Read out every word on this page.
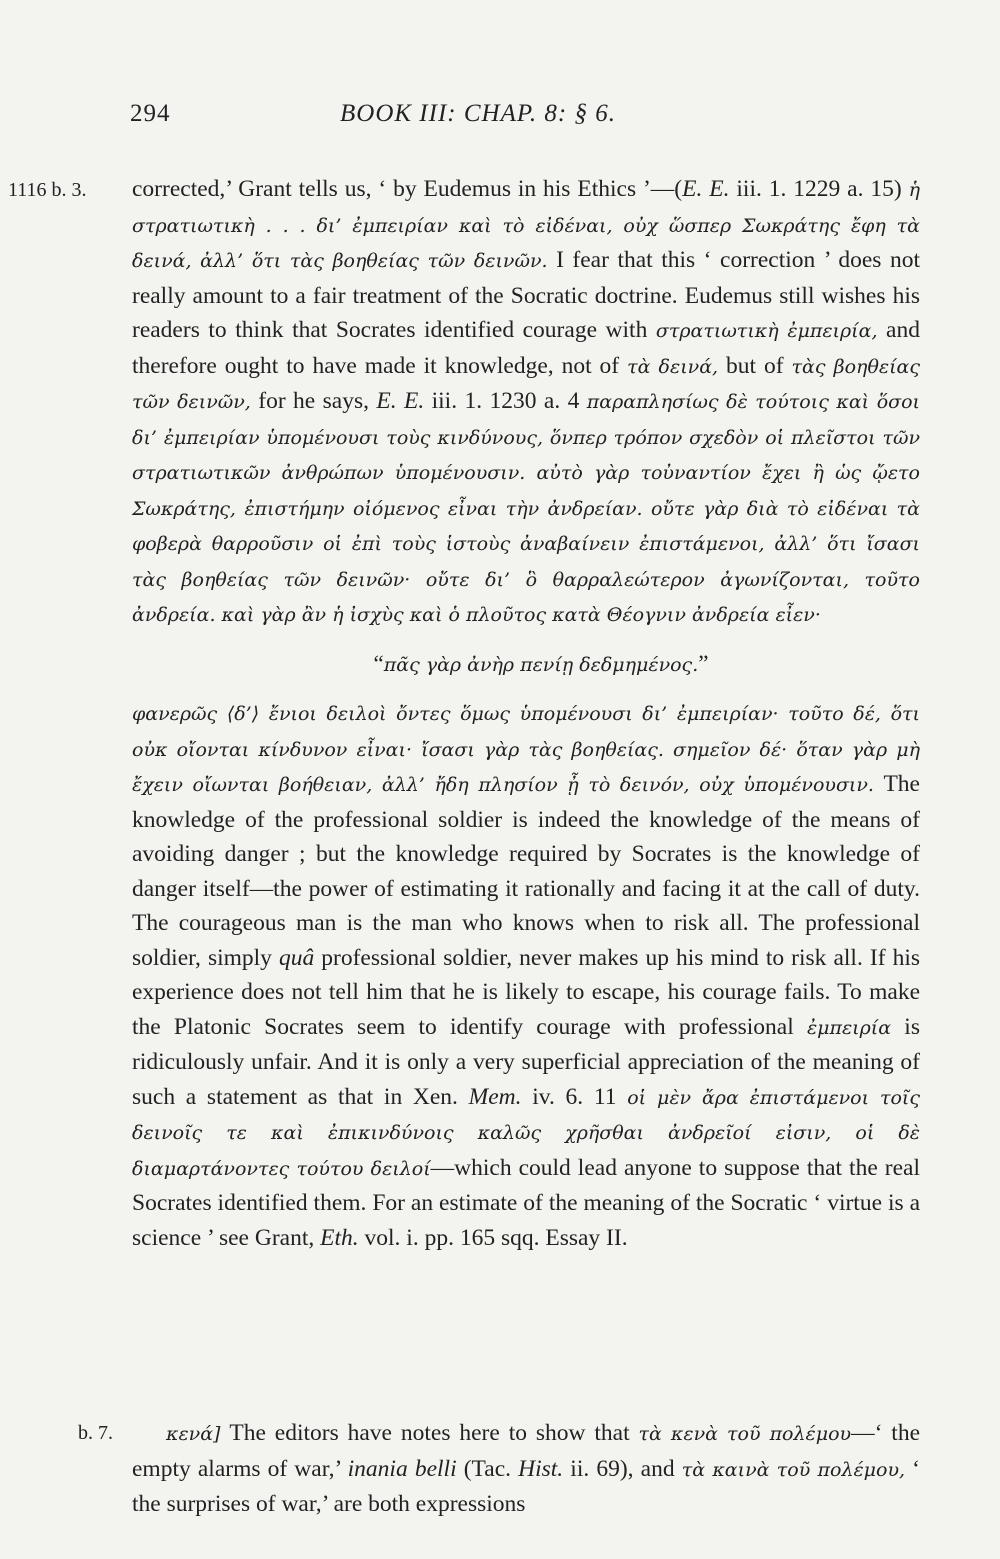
294	BOOK III: CHAP. 8: § 6.
1116 b. 3. corrected,’ Grant tells us, ‘ by Eudemus in his Ethics ’—(E. E. iii. 1. 1229 a. 15) ἡ στρατιωτικὴ . . . δι’ ἐμπειρίαν καὶ τὸ εἰδέναι, οὐχ ὥσπερ Σωκράτης ἔφη τὰ δεινά, ἀλλ’ ὅτι τὰς βοηθείας τῶν δεινῶν. I fear that this ‘ correction ’ does not really amount to a fair treatment of the Socratic doctrine. Eudemus still wishes his readers to think that Socrates identified courage with στρατιωτικὴ ἐμπειρία, and therefore ought to have made it knowledge, not of τὰ δεινά, but of τὰς βοηθείας τῶν δεινῶν, for he says, E. E. iii. 1. 1230 a. 4 παραπλησίως δὲ τούτοις καὶ ὅσοι δι’ ἐμπειρίαν ὑπομένουσι τοὺς κινδύνους, ὅνπερ τρόπον σχεδὸν οἱ πλεῖστοι τῶν στρατιωτικῶν ἀνθρώπων ὑπομένουσιν. αὐτὸ γὰρ τοὐναντίον ἔχει ἢ ὡς ᾤετο Σωκράτης, ἐπιστήμην οἰόμενος εἶναι τὴν ἀνδρείαν. οὔτε γὰρ διὰ τὸ εἰδέναι τὰ φοβερὰ θαρροῦσιν οἱ ἐπὶ τοὺς ἱστοὺς ἀναβαίνειν ἐπιστάμενοι, ἀλλ’ ὅτι ἴσασι τὰς βοηθείας τῶν δεινῶν· οὔτε δι’ ὃ θαρραλεώτερον ἀγωνίζονται, τοῦτο ἀνδρεία. καὶ γὰρ ἂν ἡ ἰσχὺς καὶ ὁ πλοῦτος κατὰ Θέογνιν ἀνδρεία εἶεν·

“πᾶς γὰρ ἀνὴρ πενίῃ δεδμημένος.”

φανερῶς ⟨δ’⟩ ἔνιοι δειλοὶ ὄντες ὅμως ὑπομένουσι δι’ ἐμπειρίαν· τοῦτο δέ, ὅτι οὐκ οἴονται κίνδυνον εἶναι· ἴσασι γὰρ τὰς βοηθείας. σημεῖον δέ· ὅταν γὰρ μὴ ἔχειν οἴωνται βοήθειαν, ἀλλ’ ἤδη πλησίον ᾖ τὸ δεινόν, οὐχ ὑπομένουσιν. The knowledge of the professional soldier is indeed the knowledge of the means of avoiding danger ; but the knowledge required by Socrates is the knowledge of danger itself—the power of estimating it rationally and facing it at the call of duty. The courageous man is the man who knows when to risk all. The professional soldier, simply quâ professional soldier, never makes up his mind to risk all. If his experience does not tell him that he is likely to escape, his courage fails. To make the Platonic Socrates seem to identify courage with professional ἐμπειρία is ridiculously unfair. And it is only a very superficial appreciation of the meaning of such a statement as that in Xen. Mem. iv. 6. 11 οἱ μὲν ἄρα ἐπιστάμενοι τοῖς δεινοῖς τε καὶ ἐπικινδύνοις καλῶς χρῆσθαι ἀνδρεῖοί εἰσιν, οἱ δὲ διαμαρτάνοντες τούτου δειλοί—which could lead anyone to suppose that the real Socrates identified them. For an estimate of the meaning of the Socratic ‘ virtue is a science ’ see Grant, Eth. vol. i. pp. 165 sqq. Essay II.

b. 7.	κενά] The editors have notes here to show that τὰ κενὰ τοῦ πολέμου—‘ the empty alarms of war,’ inania belli (Tac. Hist. ii. 69), and τὰ καινὰ τοῦ πολέμου, ‘ the surprises of war,’ are both expressions
